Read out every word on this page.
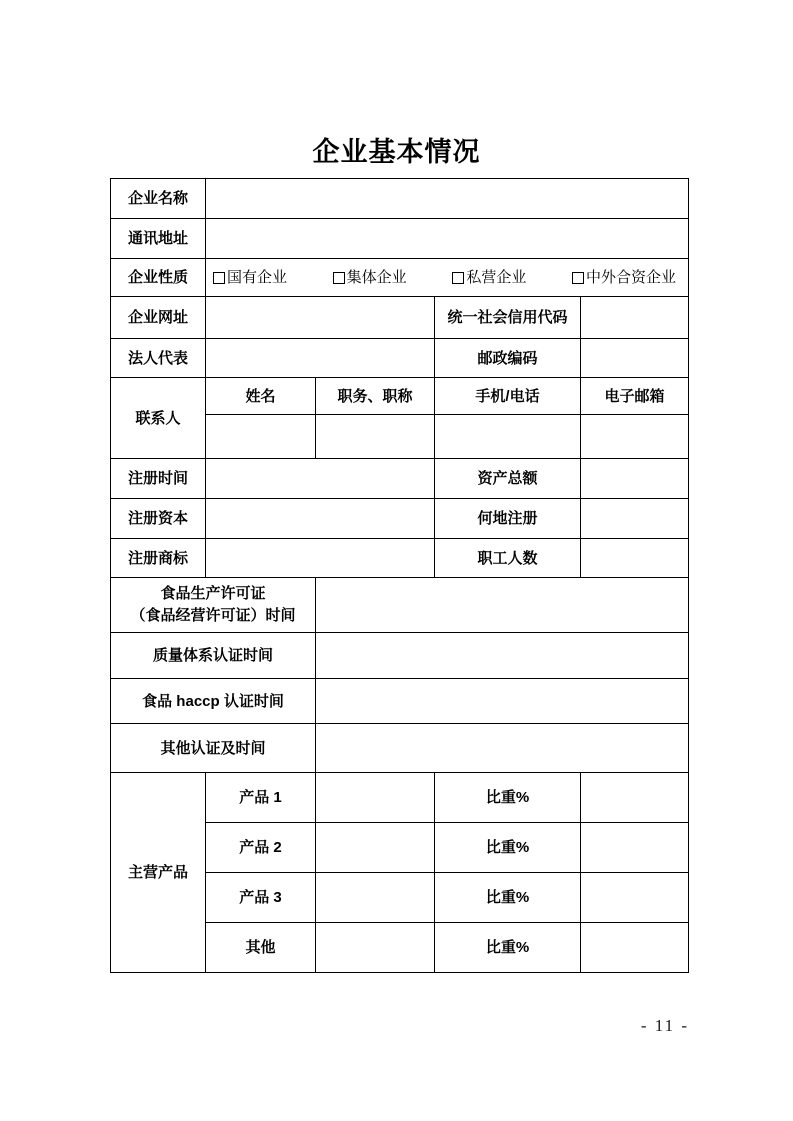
企业基本情况
企业名称				
通讯地址				
企业性质	国有企业 集体企业 私营企业 中外合资企业			

企业网址			统一社会信用代码	
法人代表			邮政编码	
联系人	姓名	职务、职称	手机/电话	电子邮箱

注册时间			资产总额	
注册资本			何地注册	
注册商标			职工人数	

食品生产许可证
（食品经营许可证）时间				

质量体系认证时间				
食品 haccp 认证时间				
其他认证及时间				
主营产品	产品 1		比重%	
	产品 2		比重%	
	产品 3		比重%	
	其他		比重%	
- 11 -
